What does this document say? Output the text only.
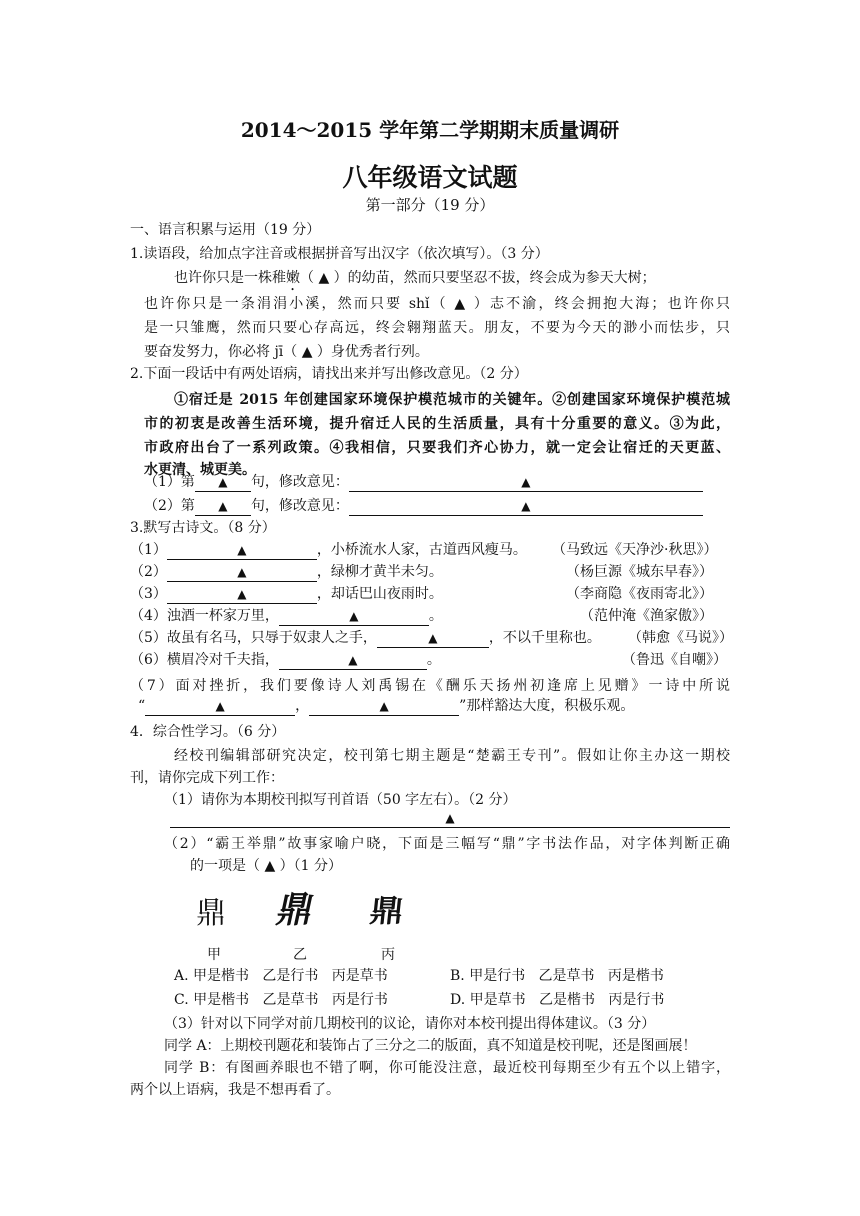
2014～2015 学年第二学期期末质量调研
八年级语文试题
第一部分（19 分）
一、语言积累与运用（19 分）
1.读语段，给加点字注音或根据拼音写出汉字（依次填写）。（3 分）
也许你只是一株稚嫩（ ▲ ）的幼苗，然而只要坚忍不拔，终会成为参天大树；
也许你只是一条涓涓小溪，然而只要 shǐ（ ▲ ）志不渝，终会拥抱大海；也许你只
是一只雏鹰，然而只要心存高远，终会翱翔蓝天。朋友，不要为今天的渺小而怯步，只
要奋发努力，你必将 jī（ ▲ ）身优秀者行列。
2.下面一段话中有两处语病，请找出来并写出修改意见。（2 分）
①宿迁是 2015 年创建国家环境保护模范城市的关键年。②创建国家环境保护模范城
市的初衷是改善生活环境，提升宿迁人民的生活质量，具有十分重要的意义。③为此，
市政府出台了一系列政策。④我相信，只要我们齐心协力，就一定会让宿迁的天更蓝、
水更清、城更美。
（1）第 ▲ 句，修改意见：	▲
（2）第 ▲ 句，修改意见：	▲
3.默写古诗文。（8 分）
（1）	▲	，小桥流水人家，古道西风瘦马。 （马致远《天净沙·秋思》）
（2）	▲	，绿柳才黄半未匀。	（杨巨源《城东早春》）
（3）	▲	，却话巴山夜雨时。	（李商隐《夜雨寄北》）
（4）浊酒一杯家万里，	▲	。	（范仲淹《渔家傲》）
（5）故虽有名马，只辱于奴隶人之手，	▲	，不以千里称也。 （韩愈《马说》）
（6）横眉冷对千夫指，	▲	。	（鲁迅《自嘲》）
（7）面对挫折，我们要像诗人刘禹锡在《酬乐天扬州初逢席上见赠》一诗中所说
“	▲	，	▲	”那样豁达大度，积极乐观。
4．综合性学习。（6 分）
经校刊编辑部研究决定，校刊第七期主题是“楚霸王专刊”。假如让你主办这一期校
刊，请你完成下列工作：
（1）请你为本期校刊拟写刊首语（50 字左右）。（2 分）
▲
（2）“霸王举鼎”故事家喻户晓，下面是三幅写“鼎”字书法作品，对字体判断正确
的一项是（ ▲ ）（1 分）
鼎 鼎 鼎
甲	乙	丙
A. 甲是楷书   乙是行书   丙是草书	B. 甲是行书   乙是草书   丙是楷书
C. 甲是楷书   乙是草书   丙是行书	D. 甲是草书   乙是楷书   丙是行书
（3）针对以下同学对前几期校刊的议论，请你对本校刊提出得体建议。（3 分）
同学 A：上期校刊题花和装饰占了三分之二的版面，真不知道是校刊呢，还是图画展！
同学 B：有图画养眼也不错了啊，你可能没注意，最近校刊每期至少有五个以上错字，
两个以上语病，我是不想再看了。
